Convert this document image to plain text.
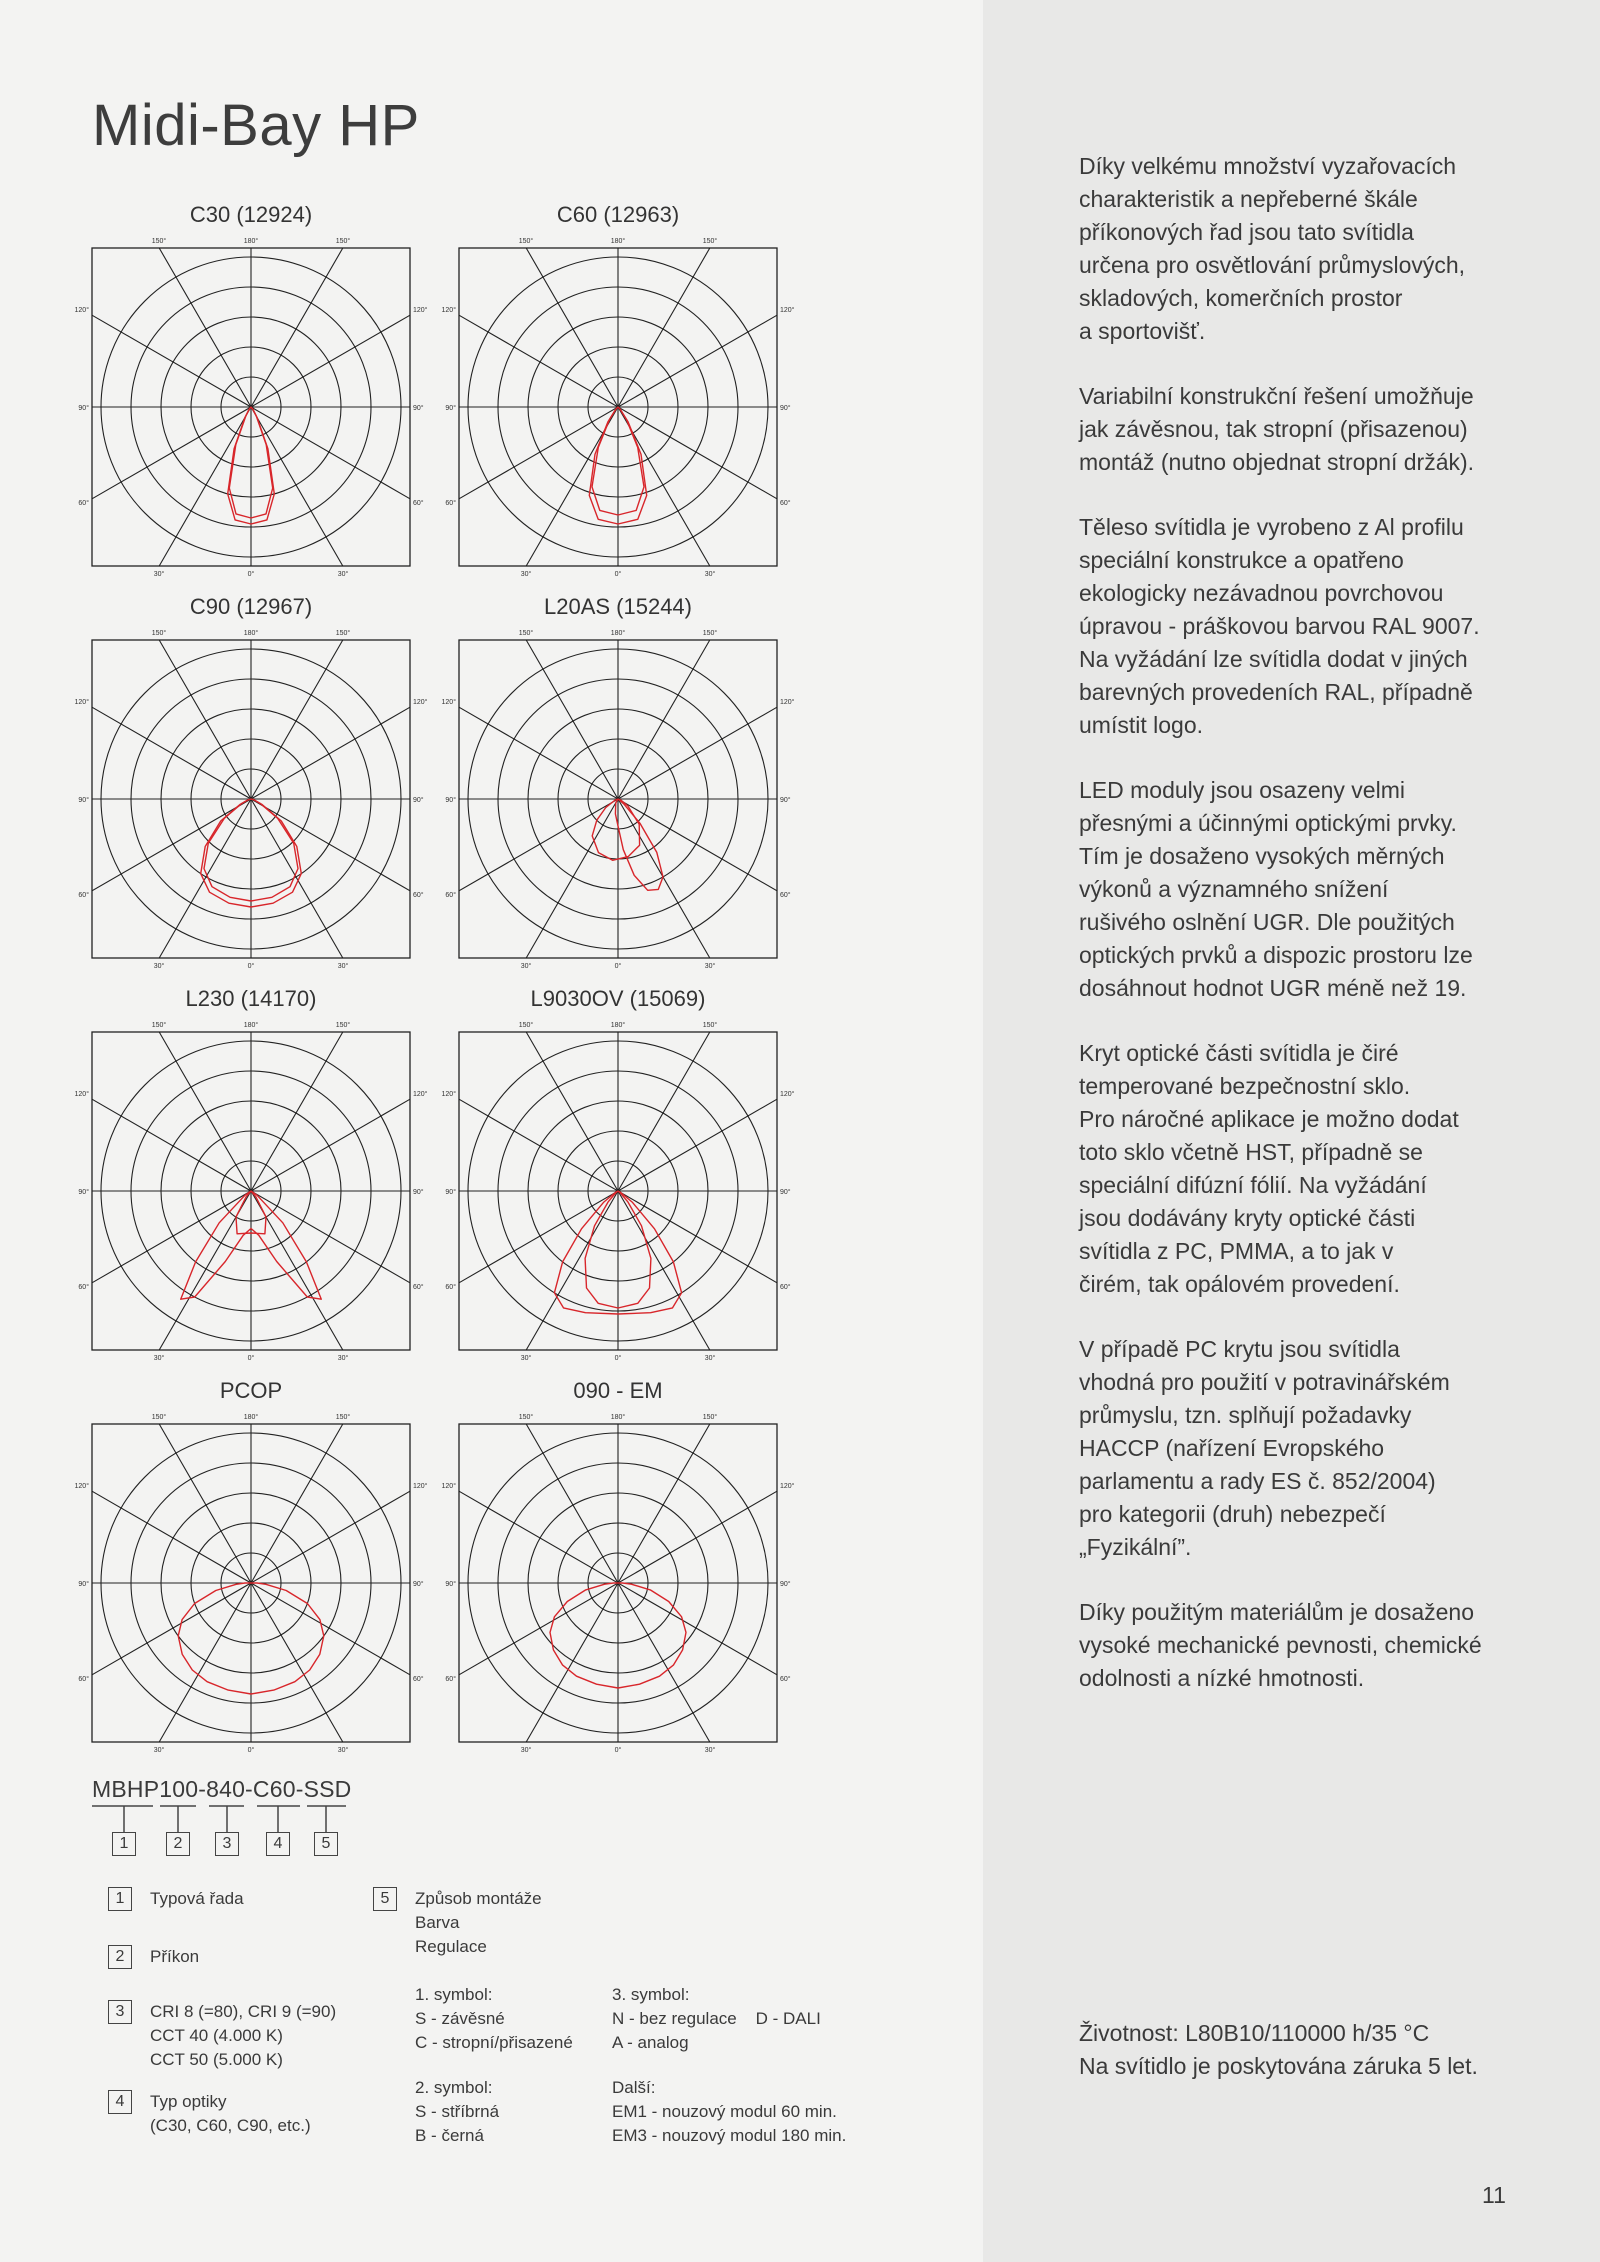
Midi-Bay HP
C30 (12924)
150°	180°	150°
120°	120°
90°	90°
60°	60°
30°	0°	30°
C60 (12963)
150°	180°	150°
120°	120°
90°	90°
60°	60°
30°	0°	30°
C90 (12967)
150°	180°	150°
120°	120°
90°	90°
60°	60°
30°	0°	30°
L20AS (15244)
150°	180°	150°
120°	120°
90°	90°
60°	60°
30°	0°	30°
L230 (14170)
150°	180°	150°
120°	120°
90°	90°
60°	60°
30°	0°	30°
L9030OV (15069)
150°	180°	150°
120°	120°
90°	90°
60°	60°
30°	0°	30°
PCOP
150°	180°	150°
120°	120°
90°	90°
60°	60°
30°	0°	30°
090 - EM
150°	180°	150°
120°	120°
90°	90°
60°	60°
30°	0°	30°
MBHP100-840-C60-SSD
1	2	3	4	5
1	Typová řada
2	Příkon
3	CRI 8 (=80), CRI 9 (=90)
CCT 40 (4.000 K)
CCT 50 (5.000 K)
4	Typ optiky
(C30, C60, C90, etc.)
5	Způsob montáže
Barva
Regulace
1. symbol:
S - závěsné
C - stropní/přisazené
2. symbol:
S - stříbrná
B - černá
3. symbol:
N - bez regulace    D - DALI
A - analog
Další:
EM1 - nouzový modul 60 min.
EM3 - nouzový modul 180 min.

Díky velkému množství vyzařovacích
charakteristik a nepřeberné škále
příkonových řad jsou tato svítidla
určena pro osvětlování průmyslových,
skladových, komerčních prostor
a sportovišť.

Variabilní konstrukční řešení umožňuje
jak závěsnou, tak stropní (přisazenou)
montáž (nutno objednat stropní držák).

Těleso svítidla je vyrobeno z Al profilu
speciální konstrukce a opatřeno
ekologicky nezávadnou povrchovou
úpravou - práškovou barvou RAL 9007.
Na vyžádání lze svítidla dodat v jiných
barevných provedeních RAL, případně
umístit logo.

LED moduly jsou osazeny velmi
přesnými a účinnými optickými prvky.
Tím je dosaženo vysokých měrných
výkonů a významného snížení
rušivého oslnění UGR. Dle použitých
optických prvků a dispozic prostoru lze
dosáhnout hodnot UGR méně než 19.

Kryt optické části svítidla je čiré
temperované bezpečnostní sklo.
Pro náročné aplikace je možno dodat
toto sklo včetně HST, případně se
speciální difúzní fólií. Na vyžádání
jsou dodávány kryty optické části
svítidla z PC, PMMA, a to jak v
čirém, tak opálovém provedení.

V případě PC krytu jsou svítidla
vhodná pro použití v potravinářském
průmyslu, tzn. splňují požadavky
HACCP (nařízení Evropského
parlamentu a rady ES č. 852/2004)
pro kategorii (druh) nebezpečí
„Fyzikální”.

Díky použitým materiálům je dosaženo
vysoké mechanické pevnosti, chemické
odolnosti a nízké hmotnosti.

Životnost: L80B10/110000 h/35 °C
Na svítidlo je poskytována záruka 5 let.
11
